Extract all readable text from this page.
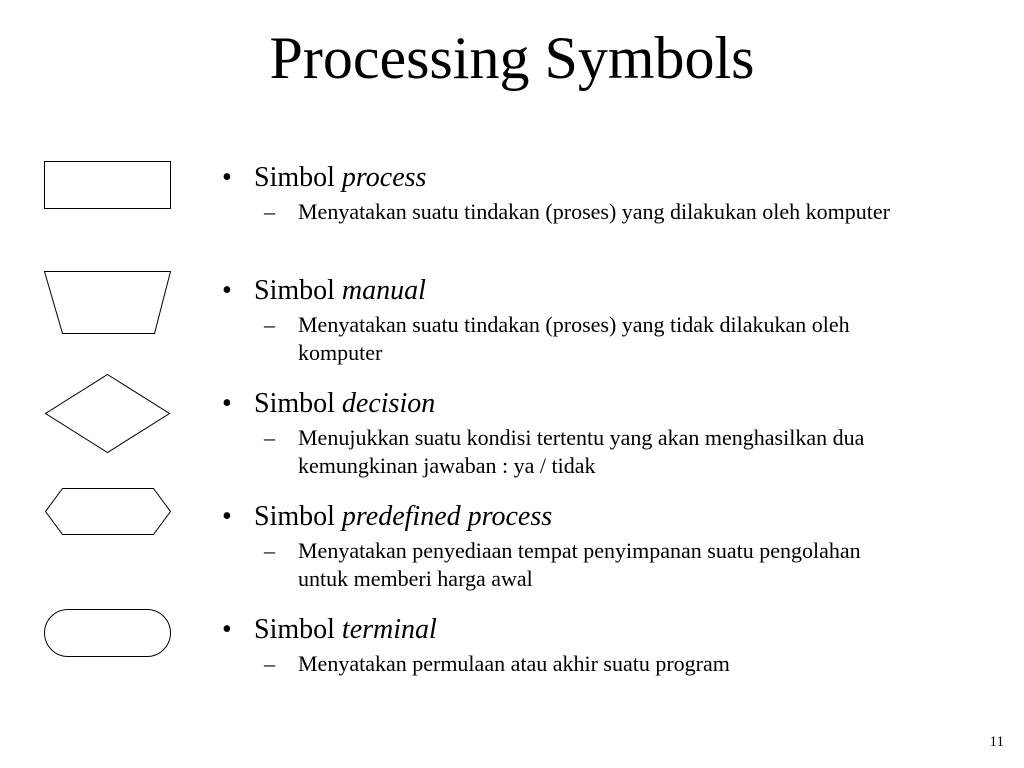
Processing Symbols
• Simbol process
– Menyatakan suatu tindakan (proses) yang dilakukan oleh komputer
• Simbol manual
– Menyatakan suatu tindakan (proses) yang tidak dilakukan oleh komputer
• Simbol decision
– Menujukkan suatu kondisi tertentu yang akan menghasilkan dua kemungkinan jawaban : ya / tidak
• Simbol predefined process
– Menyatakan penyediaan tempat penyimpanan suatu pengolahan untuk memberi harga awal
• Simbol terminal
– Menyatakan permulaan atau akhir suatu program
11
